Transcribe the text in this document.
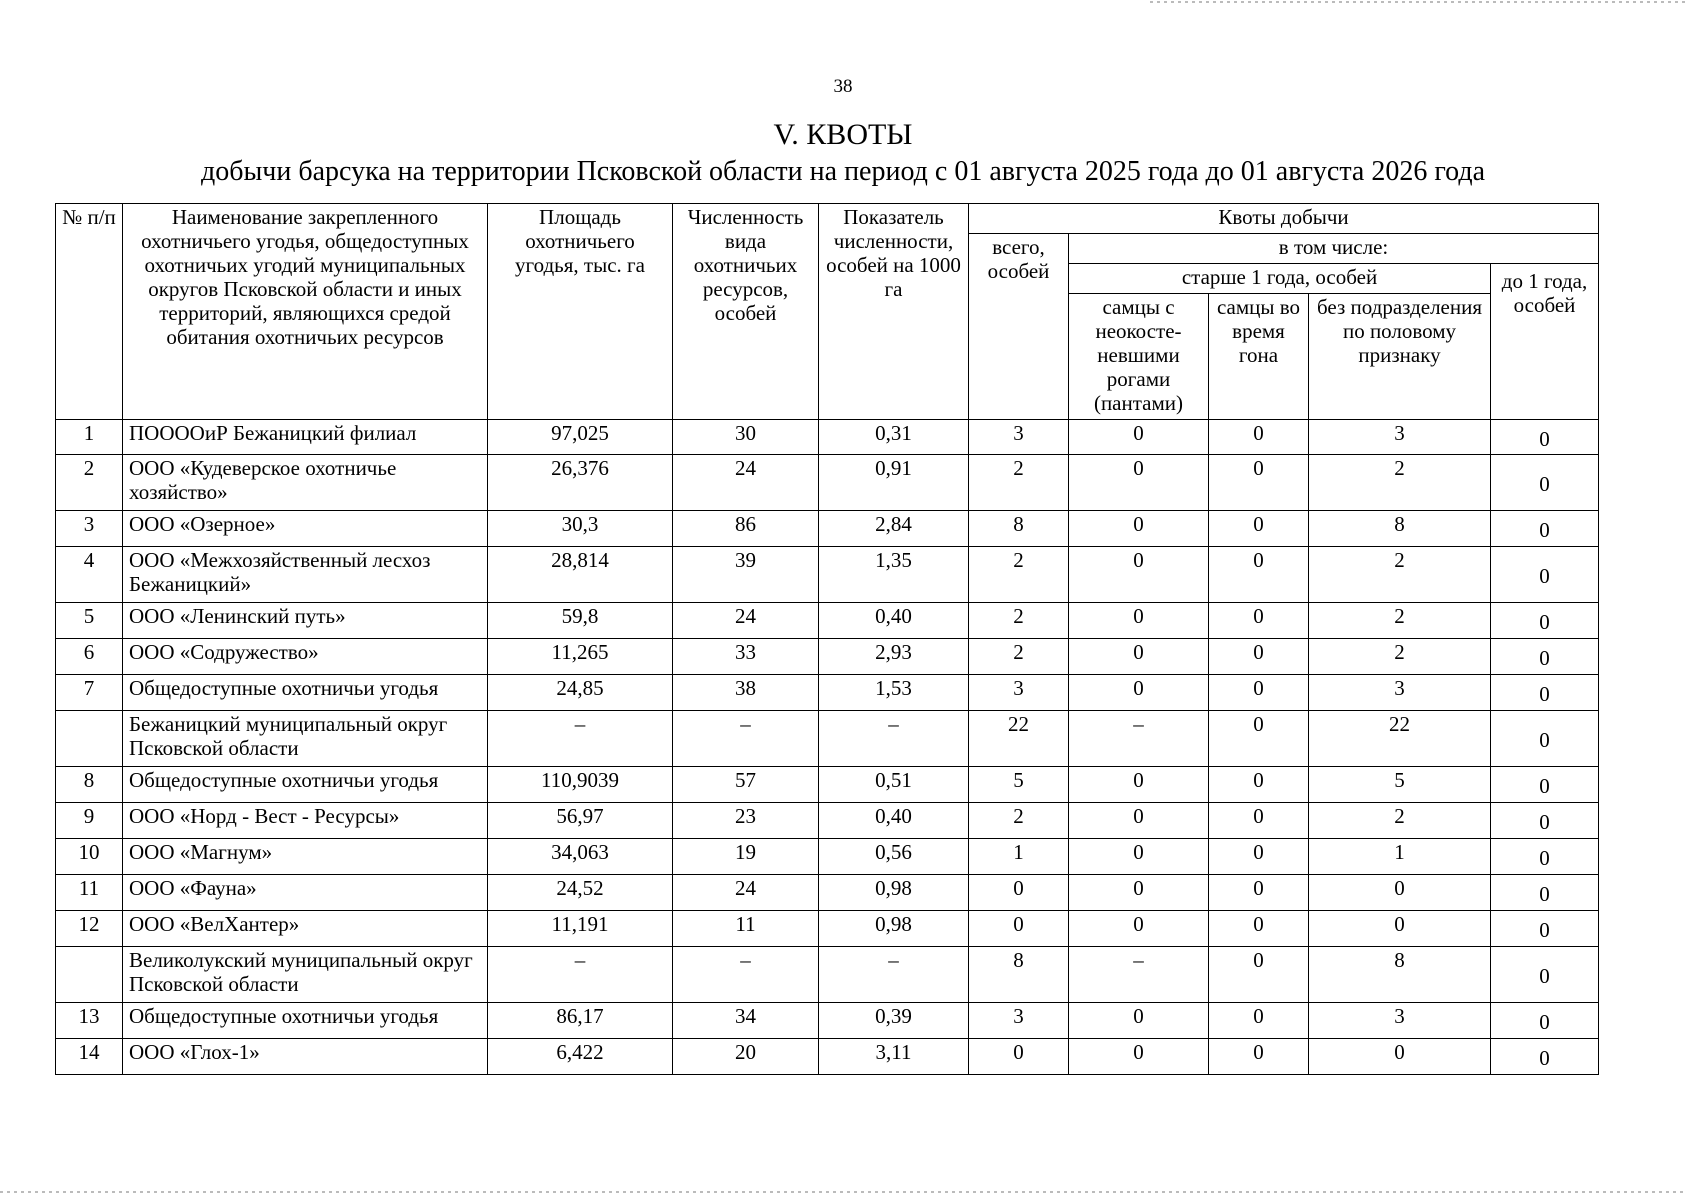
38
V. КВОТЫ
добычи барсука на территории Псковской области на период с 01 августа 2025 года до 01 августа 2026 года
№ п/п	Наименование закрепленного охотничьего угодья, общедоступных охотничьих угодий муниципальных округов Псковской области и иных территорий, являющихся средой обитания охотничьих ресурсов	Площадь охотничьего угодья, тыс. га	Численность вида охотничьих ресурсов, особей	Показатель численности, особей на 1000 га	Квоты добычи				
					всего, особей	в том числе:			
						старше 1 года, особей			до 1 года, особей
						самцы с неокосте-невшими рогами (пантами)	самцы во время гона	без подразделения по половому признаку	
1	ПООООиР Бежаницкий филиал	97,025	30	0,31	3	0	0	3	0
2	ООО «Кудеверское охотничье хозяйство»	26,376	24	0,91	2	0	0	2	0
3	ООО «Озерное»	30,3	86	2,84	8	0	0	8	0
4	ООО «Межхозяйственный лесхоз Бежаницкий»	28,814	39	1,35	2	0	0	2	0
5	ООО «Ленинский путь»	59,8	24	0,40	2	0	0	2	0
6	ООО «Содружество»	11,265	33	2,93	2	0	0	2	0
7	Общедоступные охотничьи угодья	24,85	38	1,53	3	0	0	3	0
	Бежаницкий муниципальный округ Псковской области	–	–	–	22	–	0	22	0
8	Общедоступные охотничьи угодья	110,9039	57	0,51	5	0	0	5	0
9	ООО «Норд - Вест - Ресурсы»	56,97	23	0,40	2	0	0	2	0
10	ООО «Магнум»	34,063	19	0,56	1	0	0	1	0
11	ООО «Фауна»	24,52	24	0,98	0	0	0	0	0
12	ООО «ВелХантер»	11,191	11	0,98	0	0	0	0	0
	Великолукский муниципальный округ Псковской области	–	–	–	8	–	0	8	0
13	Общедоступные охотничьи угодья	86,17	34	0,39	3	0	0	3	0
14	ООО «Глох-1»	6,422	20	3,11	0	0	0	0	0
